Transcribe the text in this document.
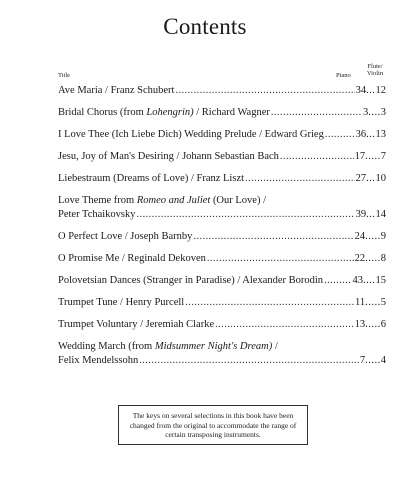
Contents
Title	Piano
Flute/
Violin
Ave Maria / Franz Schubert .....	34 ... 12
Bridal Chorus (from Lohengrin) / Richard Wagner .....	3 .... 3
I Love Thee (Ich Liebe Dich) Wedding Prelude / Edward Grieg .....	36 ... 13
Jesu, Joy of Man's Desiring / Johann Sebastian Bach .....	17 ..... 7
Liebestraum (Dreams of Love) / Franz Liszt .....	27 ... 10
Love Theme from Romeo and Juliet (Our Love) /
Peter Tchaikovsky .....	39 ... 14
O Perfect Love / Joseph Barnby .....	24 ..... 9
O Promise Me / Reginald Dekoven .....	22 ..... 8
Polovetsian Dances (Stranger in Paradise) / Alexander Borodin .....	43 .... 15
Trumpet Tune / Henry Purcell .....	11 ..... 5
Trumpet Voluntary / Jeremiah Clarke .....	13 ..... 6
Wedding March (from Midsummer Night's Dream) /
Felix Mendelssohn .....	7 ..... 4
The keys on several selections in this book have been changed from the original to accommodate the range of certain transposing instruments.
